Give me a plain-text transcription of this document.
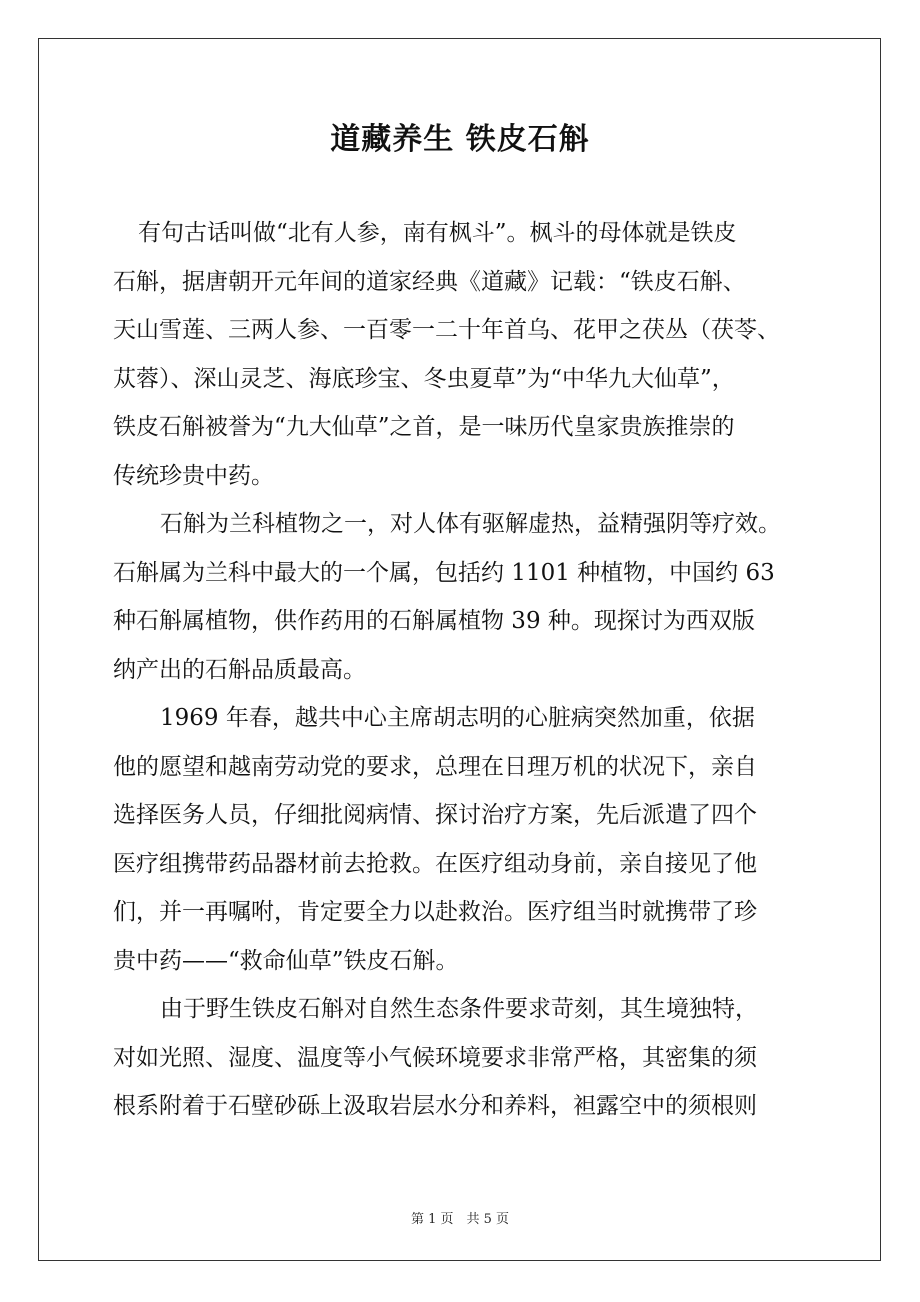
道藏养生 铁皮石斛
有句古话叫做“北有人参，南有枫斗”。枫斗的母体就是铁皮
石斛，据唐朝开元年间的道家经典《道藏》记载：“铁皮石斛、
天山雪莲、三两人参、一百零一二十年首乌、花甲之茯丛（茯苓、
苁蓉）、深山灵芝、海底珍宝、冬虫夏草”为“中华九大仙草”，
铁皮石斛被誉为“九大仙草”之首，是一味历代皇家贵族推崇的
传统珍贵中药。
石斛为兰科植物之一，对人体有驱解虚热，益精强阴等疗效。
石斛属为兰科中最大的一个属，包括约 1101 种植物，中国约 63
种石斛属植物，供作药用的石斛属植物 39 种。现探讨为西双版
纳产出的石斛品质最高。
1969 年春，越共中心主席胡志明的心脏病突然加重，依据
他的愿望和越南劳动党的要求，总理在日理万机的状况下，亲自
选择医务人员，仔细批阅病情、探讨治疗方案，先后派遣了四个
医疗组携带药品器材前去抢救。在医疗组动身前，亲自接见了他
们，并一再嘱咐，肯定要全力以赴救治。医疗组当时就携带了珍
贵中药——“救命仙草”铁皮石斛。
由于野生铁皮石斛对自然生态条件要求苛刻，其生境独特，
对如光照、湿度、温度等小气候环境要求非常严格，其密集的须
根系附着于石壁砂砾上汲取岩层水分和养料，袒露空中的须根则
第 1 页　共 5 页
